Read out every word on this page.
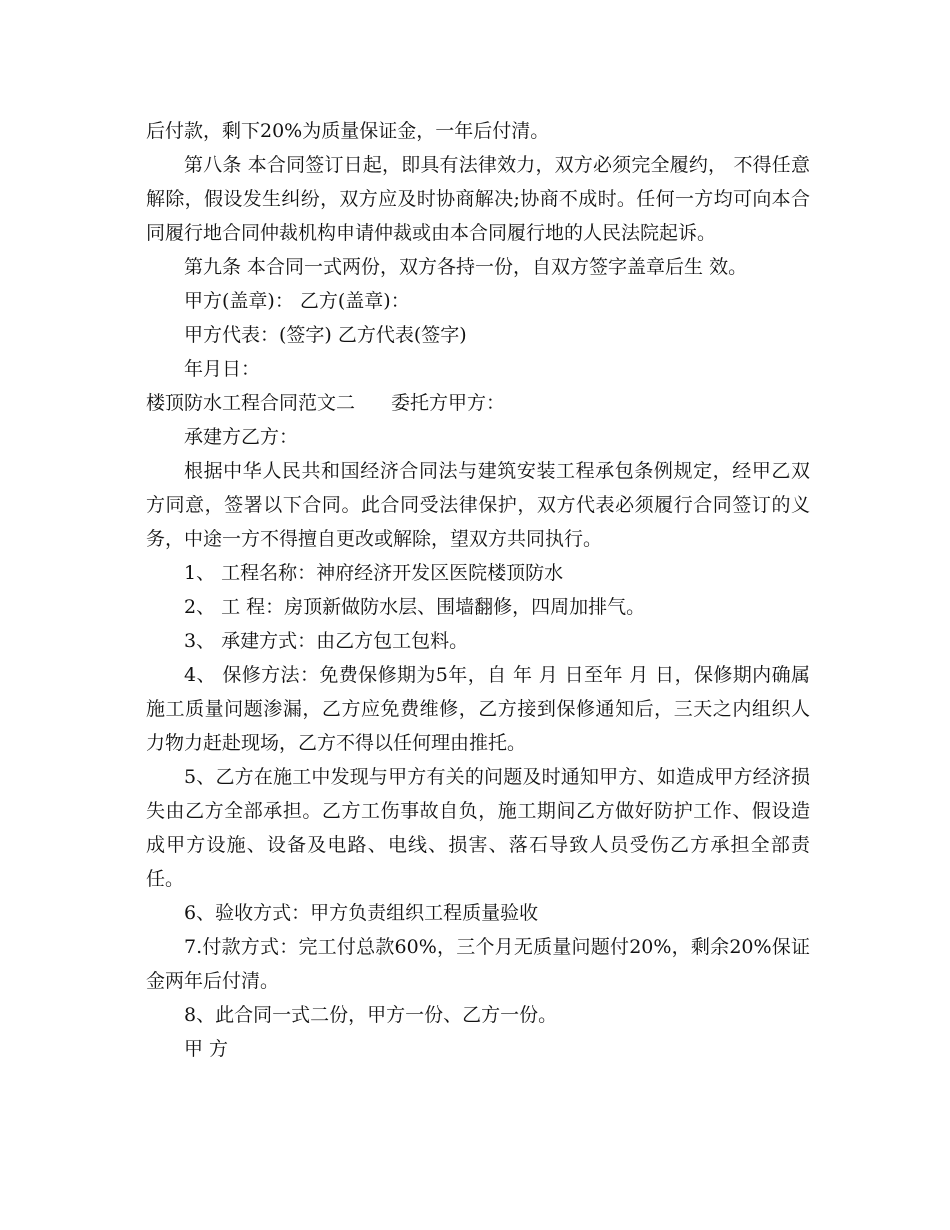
后付款，剩下20%为质量保证金，一年后付清。

第八条 本合同签订日起，即具有法律效力，双方必须完全履约， 不得任意解除，假设发生纠纷，双方应及时协商解决;协商不成时。任何一方均可向本合同履行地合同仲裁机构申请仲裁或由本合同履行地的人民法院起诉。

第九条 本合同一式两份，双方各持一份，自双方签字盖章后生 效。

甲方(盖章)： 乙方(盖章)：

甲方代表：(签字) 乙方代表(签字)

年月日：

楼顶防水工程合同范文二 委托方甲方：

承建方乙方：

根据中华人民共和国经济合同法与建筑安装工程承包条例规定，经甲乙双方同意，签署以下合同。此合同受法律保护，双方代表必须履行合同签订的义务，中途一方不得擅自更改或解除，望双方共同执行。

1、 工程名称：神府经济开发区医院楼顶防水

2、 工 程：房顶新做防水层、围墙翻修，四周加排气。

3、 承建方式：由乙方包工包料。

4、 保修方法：免费保修期为5年，自 年 月 日至年 月 日，保修期内确属施工质量问题渗漏，乙方应免费维修，乙方接到保修通知后，三天之内组织人力物力赶赴现场，乙方不得以任何理由推托。

5、乙方在施工中发现与甲方有关的问题及时通知甲方、如造成甲方经济损失由乙方全部承担。乙方工伤事故自负，施工期间乙方做好防护工作、假设造成甲方设施、设备及电路、电线、损害、落石导致人员受伤乙方承担全部责任。

6、验收方式：甲方负责组织工程质量验收

7.付款方式：完工付总款60%，三个月无质量问题付20%，剩余20%保证金两年后付清。

8、此合同一式二份，甲方一份、乙方一份。

甲 方
